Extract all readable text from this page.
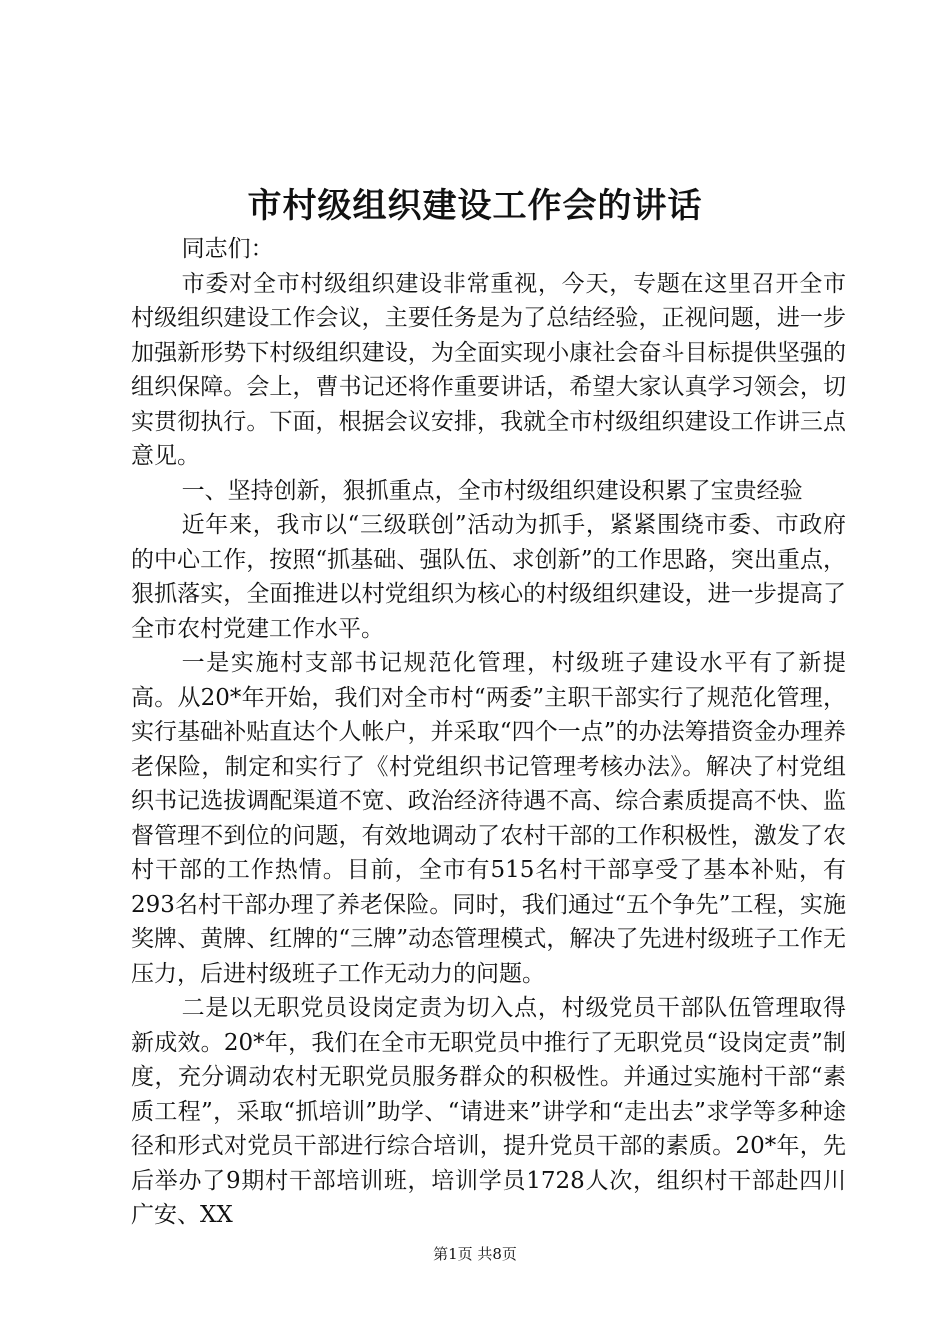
市村级组织建设工作会的讲话

同志们：

市委对全市村级组织建设非常重视，今天，专题在这里召开全市村级组织建设工作会议，主要任务是为了总结经验，正视问题，进一步加强新形势下村级组织建设，为全面实现小康社会奋斗目标提供坚强的组织保障。会上，曹书记还将作重要讲话，希望大家认真学习领会，切实贯彻执行。下面，根据会议安排，我就全市村级组织建设工作讲三点意见。

一、坚持创新，狠抓重点，全市村级组织建设积累了宝贵经验

近年来，我市以“三级联创”活动为抓手，紧紧围绕市委、市政府的中心工作，按照“抓基础、强队伍、求创新”的工作思路，突出重点，狠抓落实，全面推进以村党组织为核心的村级组织建设，进一步提高了全市农村党建工作水平。

一是实施村支部书记规范化管理，村级班子建设水平有了新提高。从20*年开始，我们对全市村“两委”主职干部实行了规范化管理，实行基础补贴直达个人帐户，并采取“四个一点”的办法筹措资金办理养老保险，制定和实行了《村党组织书记管理考核办法》。解决了村党组织书记选拔调配渠道不宽、政治经济待遇不高、综合素质提高不快、监督管理不到位的问题，有效地调动了农村干部的工作积极性，激发了农村干部的工作热情。目前，全市有515名村干部享受了基本补贴，有293名村干部办理了养老保险。同时，我们通过“五个争先”工程，实施奖牌、黄牌、红牌的“三牌”动态管理模式，解决了先进村级班子工作无压力，后进村级班子工作无动力的问题。

二是以无职党员设岗定责为切入点，村级党员干部队伍管理取得新成效。20*年，我们在全市无职党员中推行了无职党员“设岗定责”制度，充分调动农村无职党员服务群众的积极性。并通过实施村干部“素质工程”，采取“抓培训”助学、“请进来”讲学和“走出去”求学等多种途径和形式对党员干部进行综合培训，提升党员干部的素质。20*年，先后举办了9期村干部培训班，培训学员1728人次，组织村干部赴四川广安、XX

第1页 共8页
